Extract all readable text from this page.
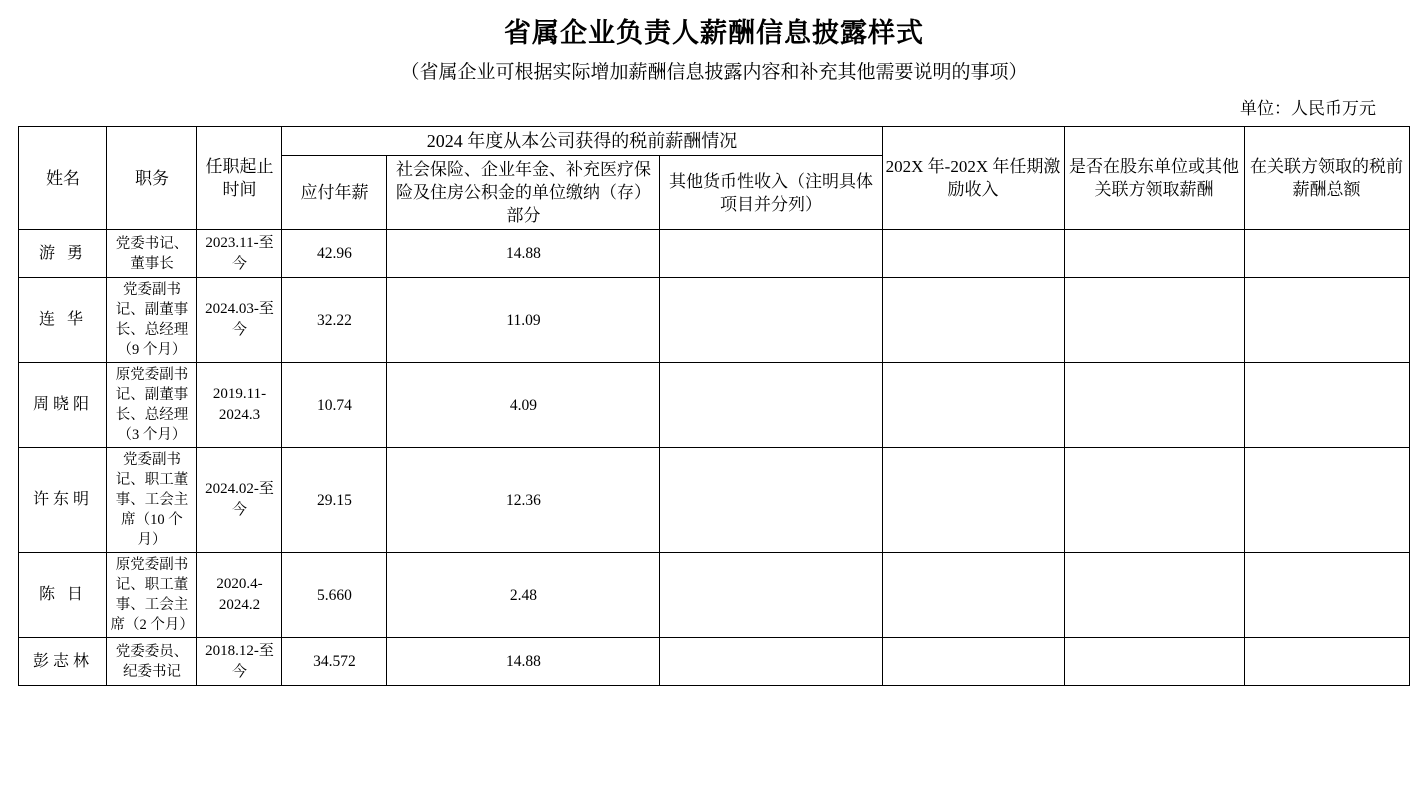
省属企业负责人薪酬信息披露样式
（省属企业可根据实际增加薪酬信息披露内容和补充其他需要说明的事项）
单位：人民币万元
姓名	职务	任职起止时间	2024 年度从本公司获得的税前薪酬情况			202X 年-202X 年任期激励收入	是否在股东单位或其他关联方领取薪酬	在关联方领取的税前薪酬总额
			应付年薪	社会保险、企业年金、补充医疗保险及住房公积金的单位缴纳（存）部分	其他货币性收入（注明具体项目并分列）			
游 勇	党委书记、董事长	2023.11-至今	42.96	14.88				
连 华	党委副书记、副董事长、总经理（9 个月）	2024.03-至今	32.22	11.09				
周晓阳	原党委副书记、副董事长、总经理（3 个月）	2019.11-2024.3	10.74	4.09				
许东明	党委副书记、职工董事、工会主席（10 个月）	2024.02-至今	29.15	12.36				
陈 日	原党委副书记、职工董事、工会主席（2 个月）	2020.4-2024.2	5.660	2.48				
彭志林	党委委员、纪委书记	2018.12-至今	34.572	14.88				
